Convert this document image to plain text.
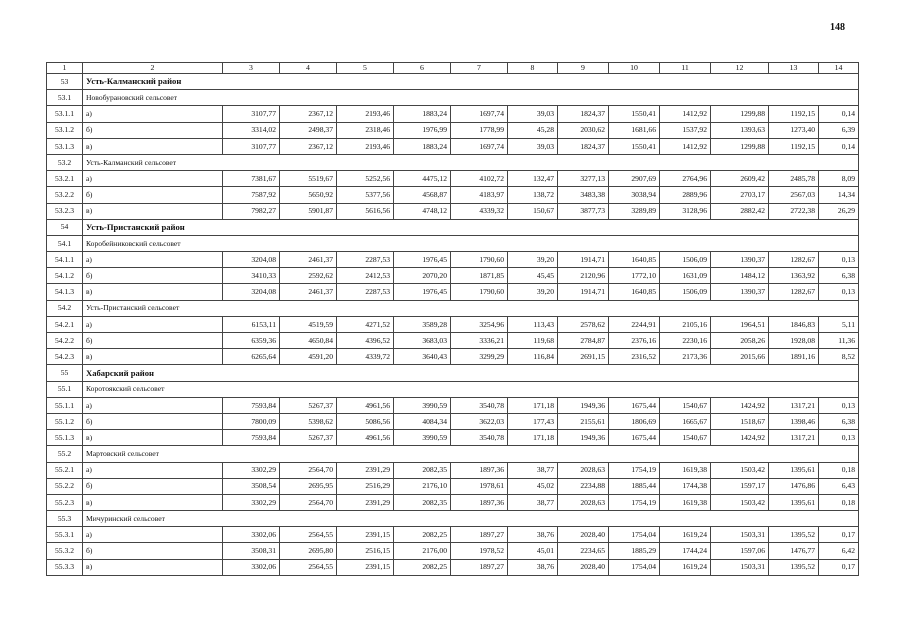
148
1	2	3	4	5	6	7	8	9	10	11	12	13	14
53	Усть-Калманский район												
53.1	Новобурановский сельсовет												
53.1.1	а)	3107,77	2367,12	2193,46	1883,24	1697,74	39,03	1824,37	1550,41	1412,92	1299,88	1192,15	0,14
53.1.2	б)	3314,02	2498,37	2318,46	1976,99	1778,99	45,28	2030,62	1681,66	1537,92	1393,63	1273,40	6,39
53.1.3	в)	3107,77	2367,12	2193,46	1883,24	1697,74	39,03	1824,37	1550,41	1412,92	1299,88	1192,15	0,14
53.2	Усть-Калманский сельсовет												
53.2.1	а)	7381,67	5519,67	5252,56	4475,12	4102,72	132,47	3277,13	2907,69	2764,96	2609,42	2485,78	8,09
53.2.2	б)	7587,92	5650,92	5377,56	4568,87	4183,97	138,72	3483,38	3038,94	2889,96	2703,17	2567,03	14,34
53.2.3	в)	7982,27	5901,87	5616,56	4748,12	4339,32	150,67	3877,73	3289,89	3128,96	2882,42	2722,38	26,29
54	Усть-Пристанский район												
54.1	Коробейниковский сельсовет												
54.1.1	а)	3204,08	2461,37	2287,53	1976,45	1790,60	39,20	1914,71	1640,85	1506,09	1390,37	1282,67	0,13
54.1.2	б)	3410,33	2592,62	2412,53	2070,20	1871,85	45,45	2120,96	1772,10	1631,09	1484,12	1363,92	6,38
54.1.3	в)	3204,08	2461,37	2287,53	1976,45	1790,60	39,20	1914,71	1640,85	1506,09	1390,37	1282,67	0,13
54.2	Усть-Пристанский сельсовет												
54.2.1	а)	6153,11	4519,59	4271,52	3589,28	3254,96	113,43	2578,62	2244,91	2105,16	1964,51	1846,83	5,11
54.2.2	б)	6359,36	4650,84	4396,52	3683,03	3336,21	119,68	2784,87	2376,16	2230,16	2058,26	1928,08	11,36
54.2.3	в)	6265,64	4591,20	4339,72	3640,43	3299,29	116,84	2691,15	2316,52	2173,36	2015,66	1891,16	8,52
55	Хабарский район												
55.1	Коротоякский сельсовет												
55.1.1	а)	7593,84	5267,37	4961,56	3990,59	3540,78	171,18	1949,36	1675,44	1540,67	1424,92	1317,21	0,13
55.1.2	б)	7800,09	5398,62	5086,56	4084,34	3622,03	177,43	2155,61	1806,69	1665,67	1518,67	1398,46	6,38
55.1.3	в)	7593,84	5267,37	4961,56	3990,59	3540,78	171,18	1949,36	1675,44	1540,67	1424,92	1317,21	0,13
55.2	Мартовский сельсовет												
55.2.1	а)	3302,29	2564,70	2391,29	2082,35	1897,36	38,77	2028,63	1754,19	1619,38	1503,42	1395,61	0,18
55.2.2	б)	3508,54	2695,95	2516,29	2176,10	1978,61	45,02	2234,88	1885,44	1744,38	1597,17	1476,86	6,43
55.2.3	в)	3302,29	2564,70	2391,29	2082,35	1897,36	38,77	2028,63	1754,19	1619,38	1503,42	1395,61	0,18
55.3	Мичуринский сельсовет												
55.3.1	а)	3302,06	2564,55	2391,15	2082,25	1897,27	38,76	2028,40	1754,04	1619,24	1503,31	1395,52	0,17
55.3.2	б)	3508,31	2695,80	2516,15	2176,00	1978,52	45,01	2234,65	1885,29	1744,24	1597,06	1476,77	6,42
55.3.3	в)	3302,06	2564,55	2391,15	2082,25	1897,27	38,76	2028,40	1754,04	1619,24	1503,31	1395,52	0,17
